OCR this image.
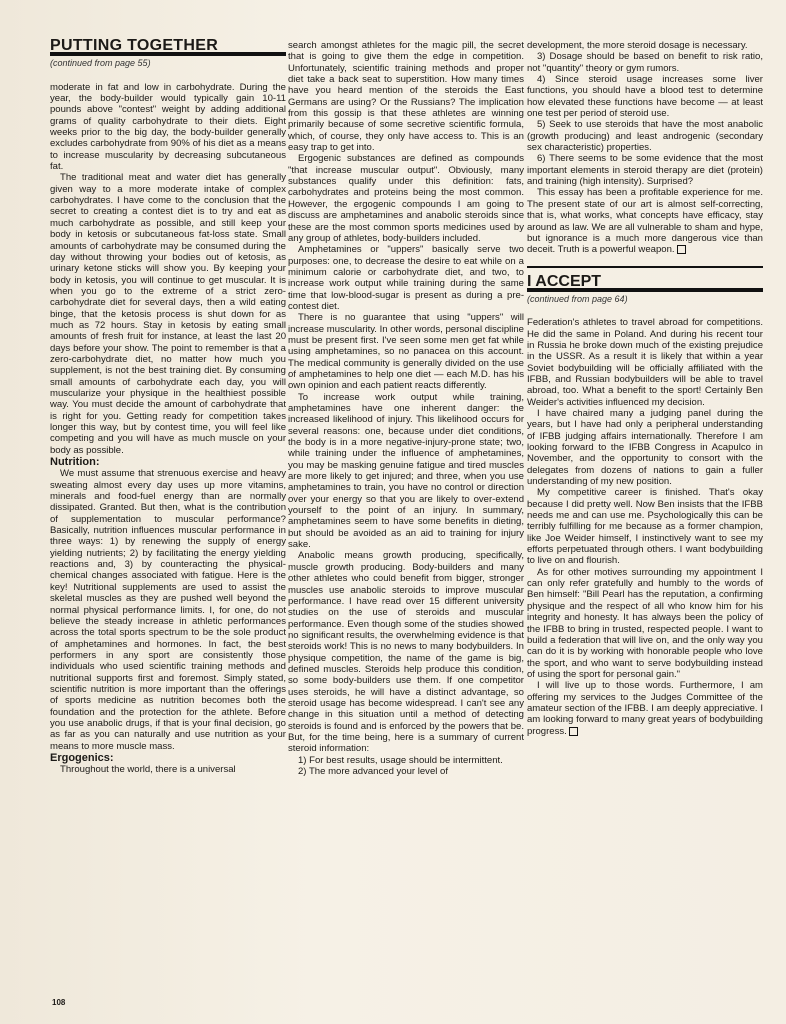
PUTTING TOGETHER
(continued from page 55)

moderate in fat and low in carbohydrate. During the year, the body-builder would typically gain 10-11 pounds above "contest" weight by adding additional grams of quality carbohydrate to their diets. Eight weeks prior to the big day, the body-builder generally excludes carbohydrate from 90% of his diet as a means to increase muscularity by decreasing subcutaneous fat.

The traditional meat and water diet has generally given way to a more moderate intake of complex carbohydrates. I have come to the conclusion that the secret to creating a contest diet is to try and eat as much carbohydrate as possible, and still keep your body in ketosis or subcutaneous fat-loss state. Small amounts of carbohydrate may be consumed during the day without throwing your bodies out of ketosis, as urinary ketone sticks will show you. By keeping your body in ketosis, you will continue to get muscular. It is when you go to the extreme of a strict zero-carbohydrate diet for several days, then a wild eating binge, that the ketosis process is shut down for as much as 72 hours. Stay in ketosis by eating small amounts of fresh fruit for instance, at least the last 20 days before your show. The point to remember is that a zero-carbohydrate diet, no matter how much you supplement, is not the best training diet. By consuming small amounts of carbohydrate each day, you will muscularize your physique in the healthiest possible way. You must decide the amount of carbohydrate that is right for you. Getting ready for competition takes longer this way, but by contest time, you will feel like competing and you will have as much muscle on your body as possible.

Nutrition:

We must assume that strenuous exercise and heavy sweating almost every day uses up more vitamins, minerals and food-fuel energy than are normally dissipated. Granted. But then, what is the contribution of supplementation to muscular performance? Basically, nutrition influences muscular performance in three ways: 1) by renewing the supply of energy yielding nutrients; 2) by facilitating the energy yielding reactions and, 3) by counteracting the physical-chemical changes associated with fatigue. Here is the key! Nutritional supplements are used to assist the skeletal muscles as they are pushed well beyond the normal physical performance limits. I, for one, do not believe the steady increase in athletic performances across the total sports spectrum to be the sole product of amphetamines and hormones. In fact, the best performers in any sport are consistently those individuals who used scientific training methods and nutritional supports first and foremost. Simply stated, scientific nutrition is more important than the offerings of sports medicine as nutrition becomes both the foundation and the protection for the athlete. Before you use anabolic drugs, if that is your final decision, go as far as you can naturally and use nutrition as your means to more muscle mass.

Ergogenics:

Throughout the world, there is a universal

search amongst athletes for the magic pill, the secret that is going to give them the edge in competition. Unfortunately, scientific training methods and proper diet take a back seat to superstition. How many times have you heard mention of the steroids the East Germans are using? Or the Russians? The implication from this gossip is that these athletes are winning primarily because of some secretive scientific formula, which, of course, they only have access to. This is an easy trap to get into.

Ergogenic substances are defined as compounds "that increase muscular output". Obviously, many substances qualify under this definition: fats, carbohydrates and proteins being the most common. However, the ergogenic compounds I am going to discuss are amphetamines and anabolic steroids since these are the most common sports medicines used by any group of athletes, body-builders included.

Amphetamines or "uppers" basically serve two purposes: one, to decrease the desire to eat while on a minimum calorie or carbohydrate diet, and two, to increase work output while training during the same time that low-blood-sugar is present as during a pre-contest diet.

There is no guarantee that using "uppers" will increase muscularity. In other words, personal discipline must be present first. I've seen some men get fat while using amphetamines, so no panacea on this account. The medical community is generally divided on the use of amphetamines to help one diet — each M.D. has his own opinion and each patient reacts differently.

To increase work output while training, amphetamines have one inherent danger: the increased likelihood of injury. This likelihood occurs for several reasons: one, because under diet conditions, the body is in a more negative-injury-prone state; two, while training under the influence of amphetamines, you may be masking genuine fatigue and tired muscles are more likely to get injured; and three, when you use amphetamines to train, you have no control or direction over your energy so that you are likely to over-extend yourself to the point of an injury. In summary, amphetamines seem to have some benefits in dieting, but should be avoided as an aid to training for injury sake.

Anabolic means growth producing, specifically, muscle growth producing. Body-builders and many other athletes who could benefit from bigger, stronger muscles use anabolic steroids to improve muscular performance. I have read over 15 different university studies on the use of steroids and muscular performance. Even though some of the studies showed no significant results, the overwhelming evidence is that steroids work! This is no news to many bodybuilders. In physique competition, the name of the game is big, defined muscles. Steroids help produce this condition, so some body-builders use them. If one competitor uses steroids, he will have a distinct advantage, so steroid usage has become widespread. I can't see any change in this situation until a method of detecting steroids is found and is enforced by the powers that be. But, for the time being, here is a summary of current steroid information:

1) For best results, usage should be intermittent.

2) The more advanced your level of

development, the more steroid dosage is necessary.

3) Dosage should be based on benefit to risk ratio, not "quantity" theory or gym rumors.

4) Since steroid usage increases some liver functions, you should have a blood test to determine how elevated these functions have become — at least one test per period of steroid use.

5) Seek to use steroids that have the most anabolic (growth producing) and least androgenic (secondary sex characteristic) properties.

6) There seems to be some evidence that the most important elements in steroid therapy are diet (protein) and training (high intensity). Surprised?

This essay has been a profitable experience for me. The present state of our art is almost self-correcting, that is, what works, what concepts have efficacy, stay around as law. We are all vulnerable to sham and hype, but ignorance is a much more dangerous vice than deceit. Truth is a powerful weapon.

I ACCEPT
(continued from page 64)

Federation's athletes to travel abroad for competitions. He did the same in Poland. And during his recent tour in Russia he broke down much of the existing prejudice in the USSR. As a result it is likely that within a year Soviet bodybuilding will be officially affiliated with the IFBB, and Russian bodybuilders will be able to travel abroad, too. What a benefit to the sport! Certainly Ben Weider's activities influenced my decision.

I have chaired many a judging panel during the years, but I have had only a peripheral understanding of IFBB judging affairs internationally. Therefore I am looking forward to the IFBB Congress in Acapulco in November, and the opportunity to consort with the delegates from dozens of nations to gain a fuller understanding of my new position.

My competitive career is finished. That's okay because I did pretty well. Now Ben insists that the IFBB needs me and can use me. Psychologically this can be terribly fulfilling for me because as a former champion, like Joe Weider himself, I instinctively want to see my efforts perpetuated through others. I want bodybuilding to live on and flourish.

As for other motives surrounding my appointment I can only refer gratefully and humbly to the words of Ben himself: "Bill Pearl has the reputation, a confirming physique and the respect of all who know him for his integrity and honesty. It has always been the policy of the IFBB to bring in trusted, respected people. I want to build a federation that will live on, and the only way you can do it is by working with honorable people who love the sport, and who want to serve bodybuilding instead of using the sport for personal gain."

I will live up to those words. Furthermore, I am offering my services to the Judges Committee of the amateur section of the IFBB. I am deeply appreciative. I am looking forward to many great years of bodybuilding progress.

108
